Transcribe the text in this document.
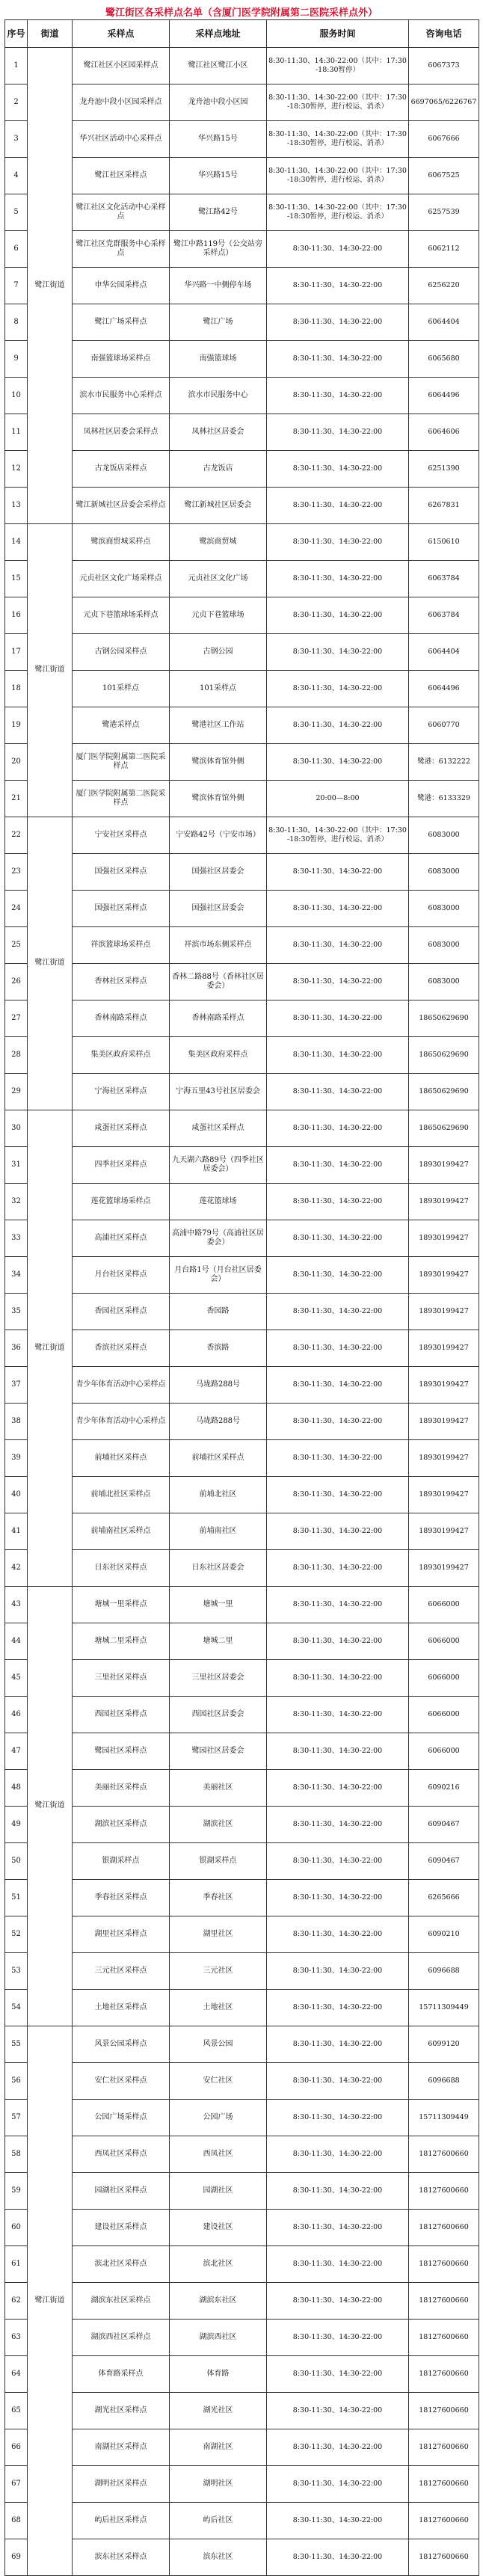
鹭江街区各采样点名单（含厦门医学院附属第二医院采样点外）
序号	街道	采样点	采样点地址	服务时间	咨询电话
1	鹭江街道	鹭江社区小区园采样点	鹭江社区鹭江小区	8:30-11:30、14:30-22:00（其中：17:30-18:30暂停）	6067373
2		龙舟池中段小区园采样点	龙舟池中段小区园	8:30-11:30、14:30-22:00（其中：17:30-18:30暂停，进行校运、消杀）	6697065/6226767
3		华兴社区活动中心采样点	华兴路15号	8:30-11:30、14:30-22:00（其中：17:30-18:30暂停，进行校运、消杀）	6067666
4		鹭江社区采样点	华兴路15号	8:30-11:30、14:30-22:00（其中：17:30-18:30暂停，进行校运、消杀）	6067525
5		鹭江社区文化活动中心采样点	鹭江路42号	8:30-11:30、14:30-22:00（其中：17:30-18:30暂停，进行校运、消杀）	6257539
6		鹭江社区党群服务中心采样点	鹭江中路119号（公交站旁采样点）	8:30-11:30、14:30-22:00	6062112
7		申华公园采样点	华兴路一中侧停车场	8:30-11:30、14:30-22:00	6256220
8		鹭江广场采样点	鹭江广场	8:30-11:30、14:30-22:00	6064404
9		南强篮球场采样点	南强篮球场	8:30-11:30、14:30-22:00	6065680
10		滨水市民服务中心采样点	滨水市民服务中心	8:30-11:30、14:30-22:00	6064496
11		凤林社区居委会采样点	凤林社区居委会	8:30-11:30、14:30-22:00	6064606
12		古龙饭店采样点	古龙饭店	8:30-11:30、14:30-22:00	6251390
13		鹭江新城社区居委会采样点	鹭江新城社区居委会	8:30-11:30、14:30-22:00	6267831
14	鹭江街道	鹭滨商贸城采样点	鹭滨商贸城	8:30-11:30、14:30-22:00	6150610
15		元贞社区文化广场采样点	元贞社区文化广场	8:30-11:30、14:30-22:00	6063784
16		元贞下巷篮球场采样点	元贞下巷篮球场	8:30-11:30、14:30-22:00	6063784
17		古钢公园采样点	古钢公园	8:30-11:30、14:30-22:00	6064404
18		101采样点	101采样点	8:30-11:30、14:30-22:00	6064496
19		鹭港采样点	鹭港社区工作站	8:30-11:30、14:30-22:00	6060770
20		厦门医学院附属第二医院采样点	鹭滨体育馆外侧	8:30-11:30、14:30-22:00	鹭港：6132222
21		厦门医学院附属第二医院采样点	鹭滨体育馆外侧	20:00—8:00	鹭港：6133329
22	鹭江街道	宁安社区采样点	宁安路42号（宁安市场）	8:30-11:30、14:30-22:00（其中：17:30-18:30暂停，进行校运、消杀）	6083000
23		国强社区采样点	国强社区居委会	8:30-11:30、14:30-22:00	6083000
24		国强社区采样点	国强社区居委会	8:30-11:30、14:30-22:00	6083000
25		祥滨篮球场采样点	祥滨市场东侧采样点	8:30-11:30、14:30-22:00	6083000
26		香林社区采样点	香林二路88号（香林社区居委会）	8:30-11:30、14:30-22:00	6083000
27		香林南路采样点	香林南路采样点	8:30-11:30、14:30-22:00	18650629690
28		集美区政府采样点	集美区政府采样点	8:30-11:30、14:30-22:00	18650629690
29		宁海社区采样点	宁海五里43号社区居委会	8:30-11:30、14:30-22:00	18650629690
30	鹭江街道	咸蛋社区采样点	咸蛋社区采样点	8:30-11:30、14:30-22:00	18650629690
31		四季社区采样点	九天湖六路89号（四季社区居委会）	8:30-11:30、14:30-22:00	18930199427
32		莲花篮球场采样点	莲花篮球场	8:30-11:30、14:30-22:00	18930199427
33		高浦社区采样点	高浦中路79号（高浦社区居委会）	8:30-11:30、14:30-22:00	18930199427
34		月台社区采样点	月台路1号（月台社区居委会）	8:30-11:30、14:30-22:00	18930199427
35		香园社区采样点	香园路	8:30-11:30、14:30-22:00	18930199427
36		香滨社区采样点	香滨路	8:30-11:30、14:30-22:00	18930199427
37		青少年体育活动中心采样点	马垅路288号	8:30-11:30、14:30-22:00	18930199427
38		青少年体育活动中心采样点	马垅路288号	8:30-11:30、14:30-22:00	18930199427
39		前埔社区采样点	前埔社区采样点	8:30-11:30、14:30-22:00	18930199427
40		前埔北社区采样点	前埔北社区	8:30-11:30、14:30-22:00	18930199427
41		前埔南社区采样点	前埔南社区	8:30-11:30、14:30-22:00	18930199427
42		日东社区采样点	日东社区居委会	8:30-11:30、14:30-22:00	18930199427
43	鹭江街道	塘城一里采样点	塘城一里	8:30-11:30、14:30-22:00	6066000
44		塘城二里采样点	塘城二里	8:30-11:30、14:30-22:00	6066000
45		三里社区采样点	三里社区居委会	8:30-11:30、14:30-22:00	6066000
46		西园社区采样点	西园社区居委会	8:30-11:30、14:30-22:00	6066000
47		鹭园社区采样点	鹭园社区居委会	8:30-11:30、14:30-22:00	6066000
48		美丽社区采样点	美丽社区	8:30-11:30、14:30-22:00	6090216
49		湖滨社区采样点	湖滨社区	8:30-11:30、14:30-22:00	6090467
50		银湖采样点	银湖采样点	8:30-11:30、14:30-22:00	6090467
51		季春社区采样点	季春社区	8:30-11:30、14:30-22:00	6265666
52		湖里社区采样点	湖里社区	8:30-11:30、14:30-22:00	6090210
53		三元社区采样点	三元社区	8:30-11:30、14:30-22:00	6096688
54		土地社区采样点	土地社区	8:30-11:30、14:30-22:00	15711309449
55	鹭江街道	风景公园采样点	风景公园	8:30-11:30、14:30-22:00	6099120
56		安仁社区采样点	安仁社区	8:30-11:30、14:30-22:00	6096688
57		公园广场采样点	公园广场	8:30-11:30、14:30-22:00	15711309449
58		西凤社区采样点	西凤社区	8:30-11:30、14:30-22:00	18127600660
59		园湖社区采样点	园湖社区	8:30-11:30、14:30-22:00	18127600660
60		建设社区采样点	建设社区	8:30-11:30、14:30-22:00	18127600660
61		滨北社区采样点	滨北社区	8:30-11:30、14:30-22:00	18127600660
62		湖滨东社区采样点	湖滨东社区	8:30-11:30、14:30-22:00	18127600660
63		湖滨西社区采样点	湖滨西社区	8:30-11:30、14:30-22:00	18127600660
64		体育路采样点	体育路	8:30-11:30、14:30-22:00	18127600660
65		湖光社区采样点	湖光社区	8:30-11:30、14:30-22:00	18127600660
66		南湖社区采样点	南湖社区	8:30-11:30、14:30-22:00	18127600660
67		湖明社区采样点	湖明社区	8:30-11:30、14:30-22:00	18127600660
68		屿后社区采样点	屿后社区	8:30-11:30、14:30-22:00	18127600660
69		滨东社区采样点	滨东社区	8:30-11:30、14:30-22:00	18127600660
